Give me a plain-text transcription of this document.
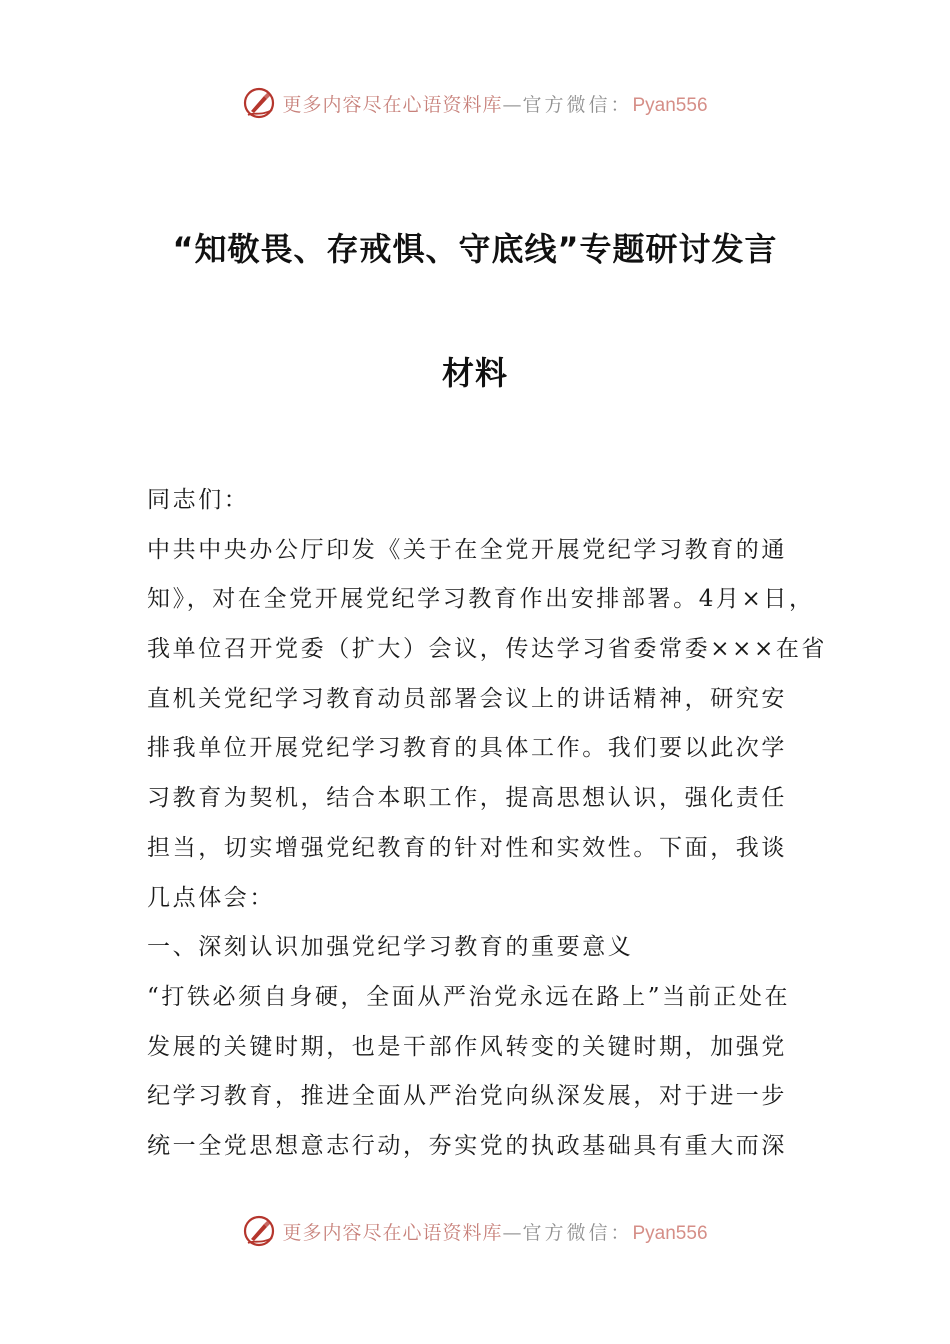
更多内容尽在心语资料库—官方微信：Pyan556
“知敬畏、存戒惧、守底线”专题研讨发言
材料
同志们：
中共中央办公厅印发《关于在全党开展党纪学习教育的通
知》，对在全党开展党纪学习教育作出安排部署。4月×日，
我单位召开党委（扩大）会议，传达学习省委常委×××在省
直机关党纪学习教育动员部署会议上的讲话精神，研究安
排我单位开展党纪学习教育的具体工作。我们要以此次学
习教育为契机，结合本职工作，提高思想认识，强化责任
担当，切实增强党纪教育的针对性和实效性。下面，我谈
几点体会：
一、深刻认识加强党纪学习教育的重要意义
“打铁必须自身硬，全面从严治党永远在路上”当前正处在
发展的关键时期，也是干部作风转变的关键时期，加强党
纪学习教育，推进全面从严治党向纵深发展，对于进一步
统一全党思想意志行动，夯实党的执政基础具有重大而深
更多内容尽在心语资料库—官方微信：Pyan556
